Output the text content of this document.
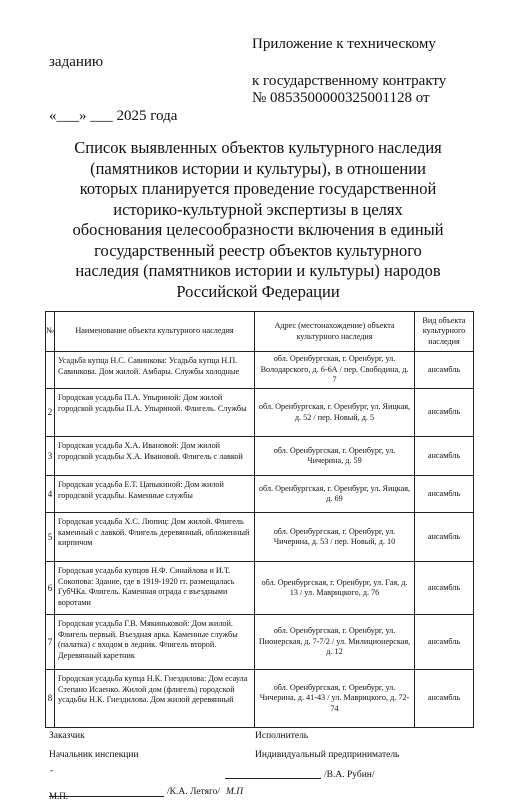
Приложение к техническому
заданию
к государственному контракту
№ 0853500000325001128 от
«___» ___ 2025 года
Список выявленных объектов культурного наследия
(памятников истории и культуры), в отношении
которых планируется проведение государственной
историко-культурной экспертизы в целях
обоснования целесообразности включения в единый
государственный реестр объектов культурного
наследия (памятников истории и культуры) народов
Российской Федерации
№	Наименование объекта культурного наследия	Адрес (местонахождение) объекта культурного наследия	Вид объекта культурного наследия
	Усадьба купца Н.С. Савинкова: Усадьба купца Н.П. Савинкова. Дом жилой. Амбары. Службы холодные	обл. Оренбургская, г. Оренбург, ул. Володарского, д. 6-6А / пер. Свободина, д. 7	ансамбль
2	Городская усадьба П.А. Упыриной: Дом жилой городской усадьбы П.А. Упыриной. Флигель. Службы	обл. Оренбургская, г. Оренбург, ул. Яицкая, д. 52 / пер. Новый, д. 5	ансамбль
3	Городская усадьба Х.А. Ивановой: Дом жилой городской усадьбы Х.А. Ивановой. Флигель с лавкой	обл. Оренбургская, г. Оренбург, ул. Чичерина, д. 59	ансамбль
4	Городская усадьба Е.Т. Цапыкиной: Дом жилой городской усадьбы. Каменные службы	обл. Оренбургская, г. Оренбург, ул. Яицкая, д. 69	ансамбль
5	Городская усадьба Х.С. Люпиц: Дом жилой. Флигель каменный с лавкой. Флигель деревянный, обложенный кирпичом	обл. Оренбургская, г. Оренбург, ул. Чичерина, д. 53 / пер. Новый, д. 10	ансамбль
6	Городская усадьба купцов Н.Ф. Синайлова и И.Т. Сокопова: Здание, где в 1919-1920 гг. размещалась ГубЧКа. Флигель. Каменная ограда с въездными воротами	обл. Оренбургская, г. Оренбург, ул. Гая, д. 13 / ул. Маврицкого, д. 76	ансамбль
7	Городская усадьба Г.В. Мякиньковой: Дом жилой. Флигель первый. Въездная арка. Каменные службы (палатка) с входом в ледник. Флигель второй. Деревянный каретник	обл. Оренбургская, г. Оренбург, ул. Пионерская, д. 7-7/2 / ул. Милиционерская, д. 12	ансамбль
8	Городская усадьба купца Н.К. Гнездилова: Дом есаула Степано Исаенко. Жилой дом (флигель) городской усадьбы Н.К. Гнездилова. Дом жилой деревянный	обл. Оренбургская, г. Оренбург, ул. Чичерина, д. 41-43 / ул. Маврицкого, д. 72-74	ансамбль
Заказчик	Исполнитель
Начальник инспекции	Индивидуальный предприниматель
-	/В.А. Рубин/
/К.А. Летяго/ М.П
М.П.
